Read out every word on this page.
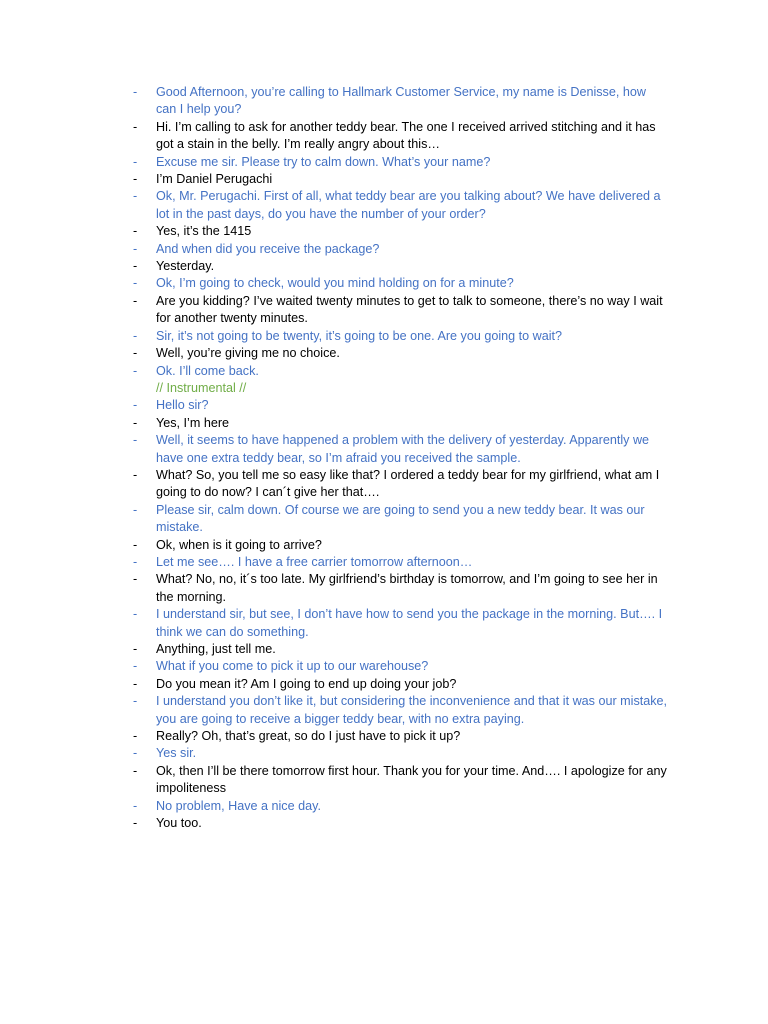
-	Good Afternoon, you’re calling to Hallmark Customer Service, my name is Denisse, how can I help you?
-	Hi. I’m calling to ask for another teddy bear. The one I received arrived stitching and it has got a stain in the belly. I’m really angry about this…
-	Excuse me sir. Please try to calm down. What’s your name?
-	I’m Daniel Perugachi
-	Ok, Mr. Perugachi. First of all, what teddy bear are you talking about? We have delivered a lot in the past days, do you have the number of your order?
-	Yes, it’s the 1415
-	And when did you receive the package?
-	Yesterday.
-	Ok, I’m going to check, would you mind holding on for a minute?
-	Are you kidding? I’ve waited twenty minutes to get to talk to someone, there’s no way I wait for another twenty minutes.
-	Sir, it’s not going to be twenty, it’s going to be one. Are you going to wait?
-	Well, you’re giving me no choice.
-	Ok. I’ll come back.
// Instrumental //
-	Hello sir?
-	Yes, I’m here
-	Well, it seems to have happened a problem with the delivery of yesterday. Apparently we have one extra teddy bear, so I’m afraid you received the sample.
-	What? So, you tell me so easy like that? I ordered a teddy bear for my girlfriend, what am I going to do now? I can´t give her that….
-	Please sir, calm down. Of course we are going to send you a new teddy bear. It was our mistake.
-	Ok, when is it going to arrive?
-	Let me see…. I have a free carrier tomorrow afternoon…
-	What? No, no, it´s too late. My girlfriend’s birthday is tomorrow, and I’m going to see her in the morning.
-	I understand sir, but see, I don’t have how to send you the package in the morning. But…. I think we can do something.
-	Anything, just tell me.
-	What if you come to pick it up to our warehouse?
-	Do you mean it? Am I going to end up doing your job?
-	I understand you don’t like it, but considering the inconvenience and that it was our mistake, you are going to receive a bigger teddy bear, with no extra paying.
-	Really? Oh, that’s great, so do I just have to pick it up?
-	Yes sir.
-	Ok, then I’ll be there tomorrow first hour. Thank you for your time. And…. I apologize for any impoliteness
-	No problem, Have a nice day.
-	You too.
